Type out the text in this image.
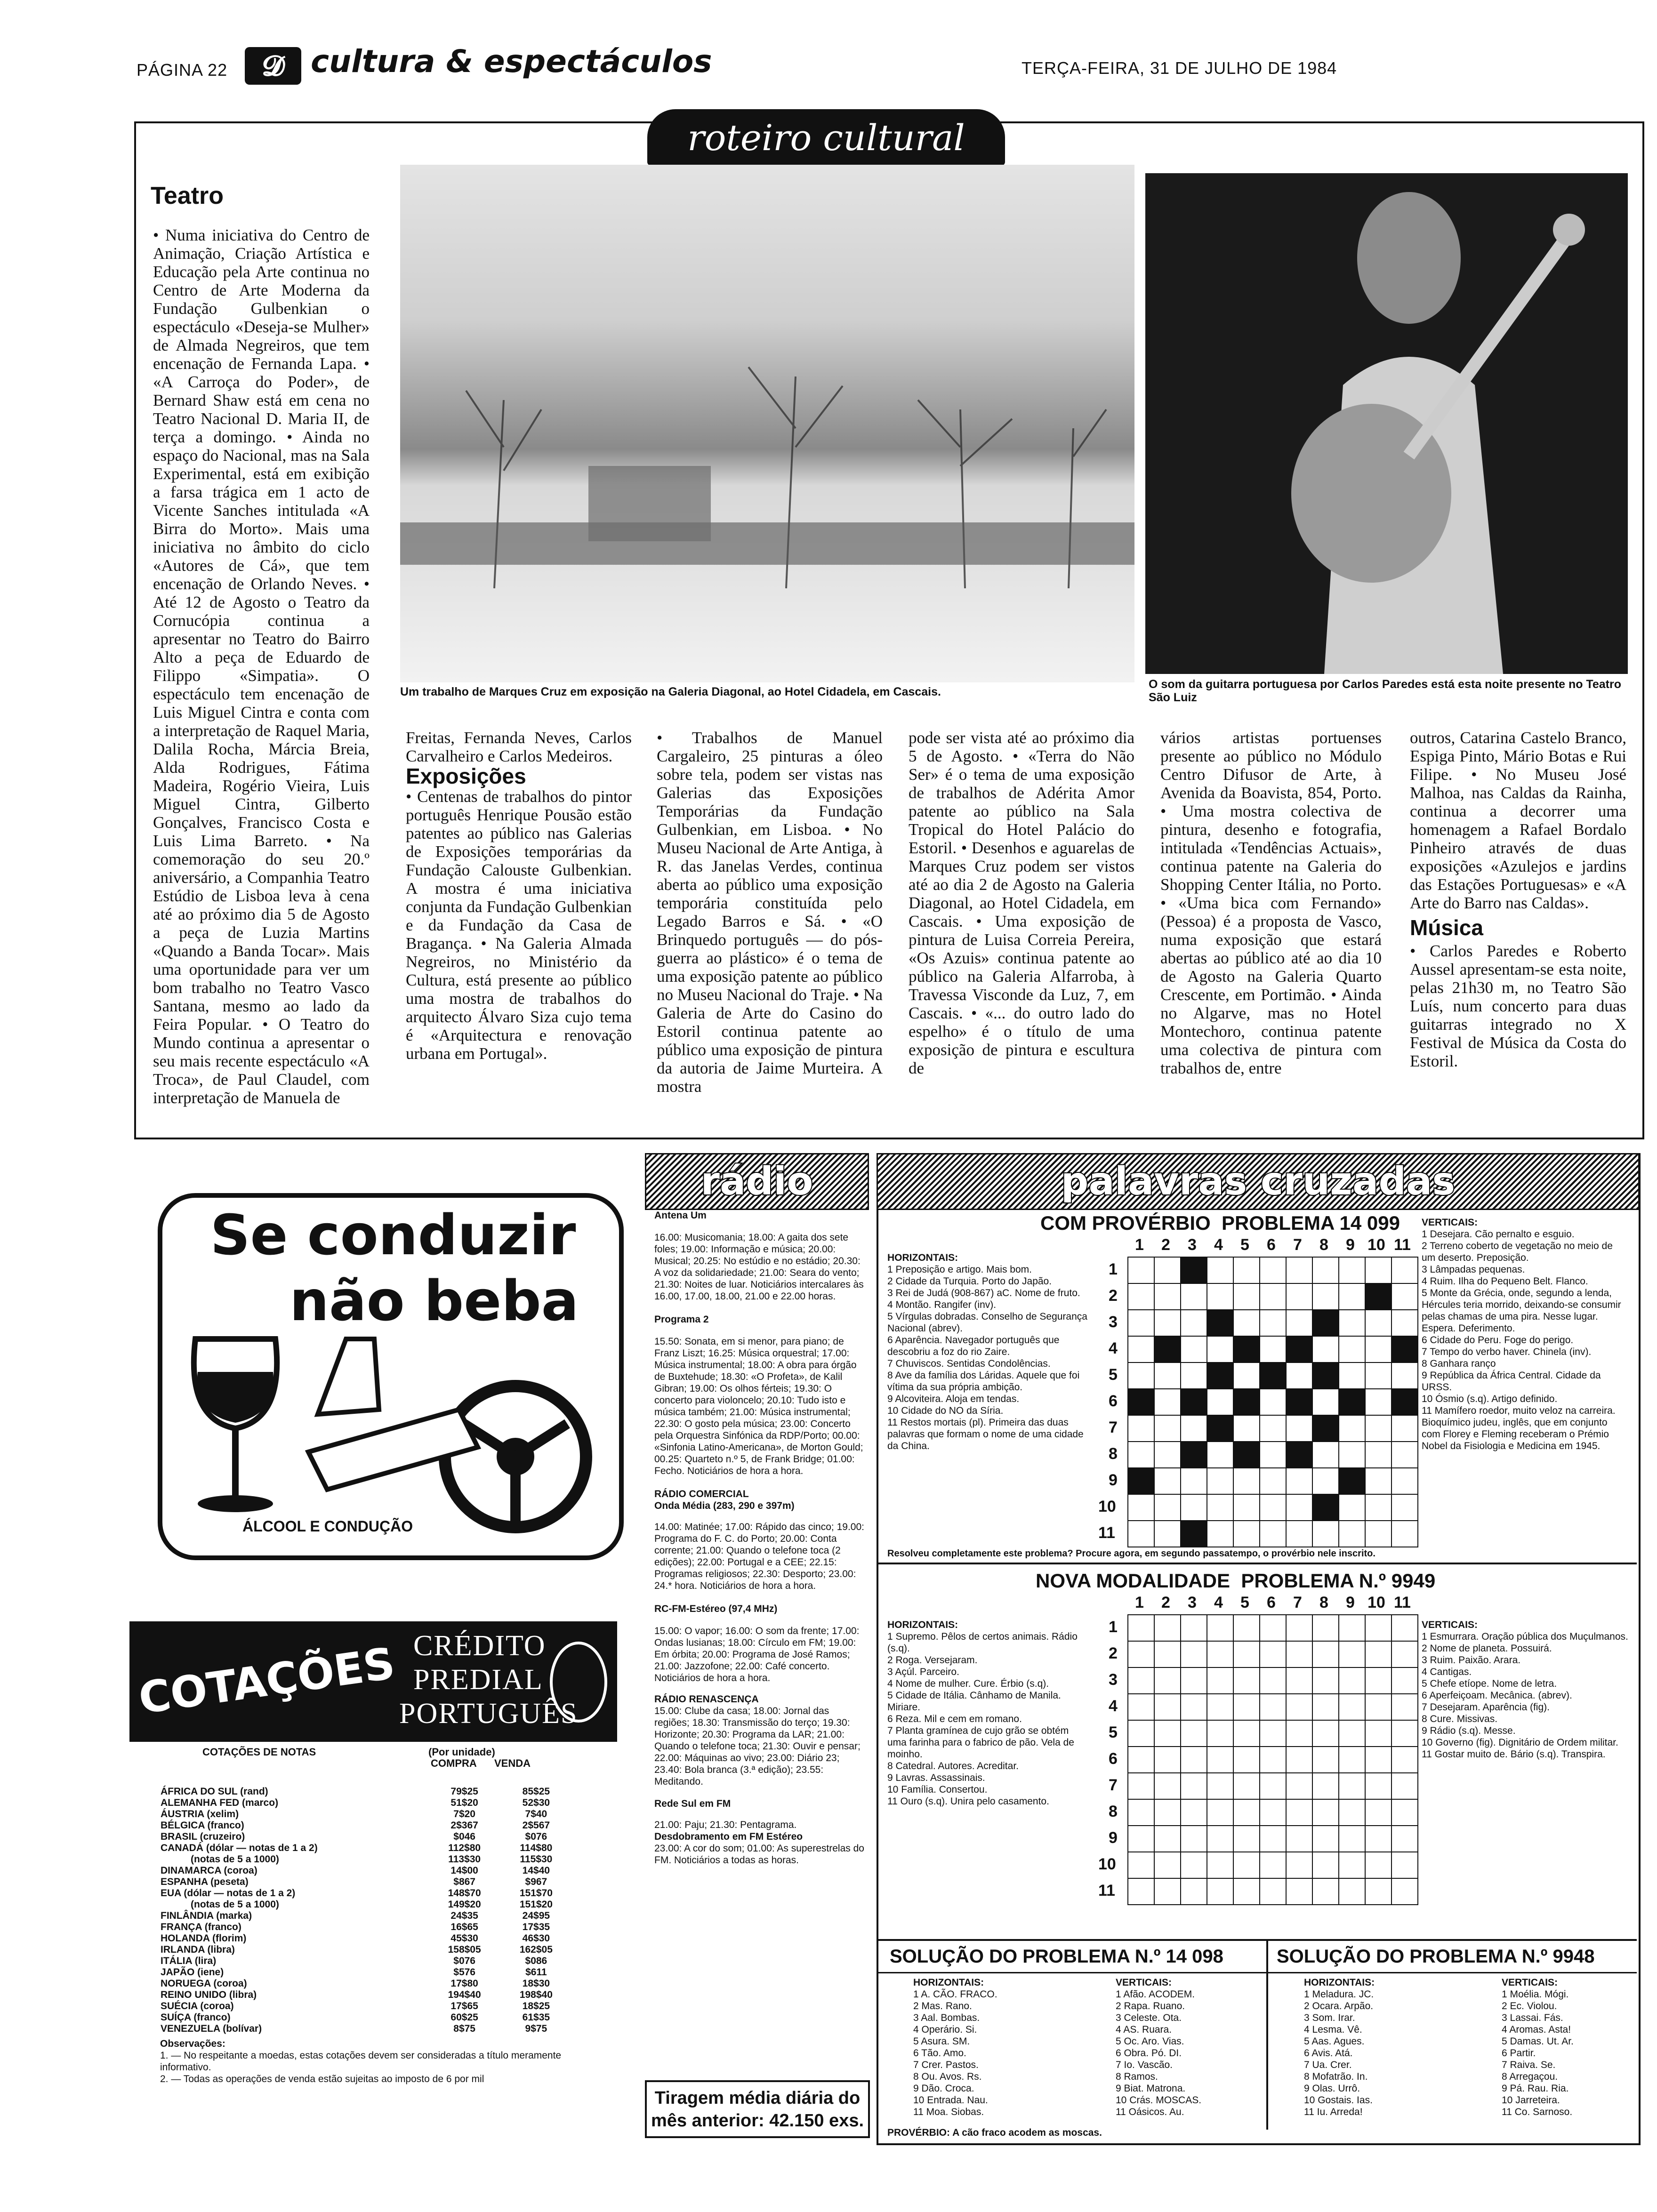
PÁGINA 22	𝓓 cultura & espectáculos	TERÇA-FEIRA, 31 DE JULHO DE 1984
roteiro cultural
Teatro

• Numa iniciativa do Centro de Animação, Criação Artística e Educação pela Arte continua no Centro de Arte Moderna da Fundação Gulbenkian o espectáculo «Deseja-se Mulher» de Almada Negreiros, que tem encenação de Fernanda Lapa. • «A Carroça do Poder», de Bernard Shaw está em cena no Teatro Nacional D. Maria II, de terça a domingo. • Ainda no espaço do Nacional, mas na Sala Experimental, está em exibição a farsa trágica em 1 acto de Vicente Sanches intitulada «A Birra do Morto». Mais uma iniciativa no âmbito do ciclo «Autores de Cá», que tem encenação de Orlando Neves. • Até 12 de Agosto o Teatro da Cornucópia continua a apresentar no Teatro do Bairro Alto a peça de Eduardo de Filippo «Simpatia». O espectáculo tem encenação de Luis Miguel Cintra e conta com a interpretação de Raquel Maria, Dalila Rocha, Márcia Breia, Alda Rodrigues, Fátima Madeira, Rogério Vieira, Luis Miguel Cintra, Gilberto Gonçalves, Francisco Costa e Luis Lima Barreto. • Na comemoração do seu 20.º aniversário, a Companhia Teatro Estúdio de Lisboa leva à cena até ao próximo dia 5 de Agosto a peça de Luzia Martins «Quando a Banda Tocar». Mais uma oportunidade para ver um bom trabalho no Teatro Vasco Santana, mesmo ao lado da Feira Popular. • O Teatro do Mundo continua a apresentar o seu mais recente espectáculo «A Troca», de Paul Claudel, com interpretação de Manuela de

Um trabalho de Marques Cruz em exposição na Galeria Diagonal, ao Hotel Cidadela, em Cascais.
O som da guitarra portuguesa por Carlos Paredes está esta noite presente no Teatro São Luiz

Freitas, Fernanda Neves, Carlos Carvalheiro e Carlos Medeiros.

Exposições

• Centenas de trabalhos do pintor português Henrique Pousão estão patentes ao público nas Galerias de Exposições temporárias da Fundação Calouste Gulbenkian. A mostra é uma iniciativa conjunta da Fundação Gulbenkian e da Fundação da Casa de Bragança. • Na Galeria Almada Negreiros, no Ministério da Cultura, está presente ao público uma mostra de trabalhos do arquitecto Álvaro Siza cujo tema é «Arquitectura e renovação urbana em Portugal».

• Trabalhos de Manuel Cargaleiro, 25 pinturas a óleo sobre tela, podem ser vistas nas Galerias das Exposições Temporárias da Fundação Gulbenkian, em Lisboa. • No Museu Nacional de Arte Antiga, à R. das Janelas Verdes, continua aberta ao público uma exposição temporária constituída pelo Legado Barros e Sá. • «O Brinquedo português — do pós-guerra ao plástico» é o tema de uma exposição patente ao público no Museu Nacional do Traje. • Na Galeria de Arte do Casino do Estoril continua patente ao público uma exposição de pintura da autoria de Jaime Murteira. A mostra

pode ser vista até ao próximo dia 5 de Agosto. • «Terra do Não Ser» é o tema de uma exposição de trabalhos de Adérita Amor patente ao público na Sala Tropical do Hotel Palácio do Estoril. • Desenhos e aguarelas de Marques Cruz podem ser vistos até ao dia 2 de Agosto na Galeria Diagonal, ao Hotel Cidadela, em Cascais. • Uma exposição de pintura de Luisa Correia Pereira, «Os Azuis» continua patente ao público na Galeria Alfarroba, à Travessa Visconde da Luz, 7, em Cascais. • «... do outro lado do espelho» é o título de uma exposição de pintura e escultura de

vários artistas portuenses presente ao público no Módulo Centro Difusor de Arte, à Avenida da Boavista, 854, Porto. • Uma mostra colectiva de pintura, desenho e fotografia, intitulada «Tendências Actuais», continua patente na Galeria do Shopping Center Itália, no Porto. • «Uma bica com Fernando» (Pessoa) é a proposta de Vasco, numa exposição que estará abertas ao público até ao dia 10 de Agosto na Galeria Quarto Crescente, em Portimão. • Ainda no Algarve, mas no Hotel Montechoro, continua patente uma colectiva de pintura com trabalhos de, entre

outros, Catarina Castelo Branco, Espiga Pinto, Mário Botas e Rui Filipe. • No Museu José Malhoa, nas Caldas da Rainha, continua a decorrer uma homenagem a Rafael Bordalo Pinheiro através de duas exposições «Azulejos e jardins das Estações Portuguesas» e «A Arte do Barro nas Caldas».

Música

• Carlos Paredes e Roberto Aussel apresentam-se esta noite, pelas 21h30 m, no Teatro São Luís, num concerto para duas guitarras integrado no X Festival de Música da Costa do Estoril.

Se conduzir
não beba
ÁLCOOL E CONDUÇÃO
COTAÇÕES CRÉDITO
PREDIAL
PORTUGUÊS
COTAÇÕES DE NOTAS	(Por unidade)
COMPRA VENDA
ÁFRICA DO SUL (rand)	79$25	85$25
ALEMANHA FED (marco)	51$20	52$30
ÁUSTRIA (xelim)	7$20	7$40
BÉLGICA (franco)	2$367	2$567
BRASIL (cruzeiro)	$046	$076
CANADÁ (dólar — notas de 1 a 2)	112$80	114$80
(notas de 5 a 1000)	113$30	115$30
DINAMARCA (coroa)	14$00	14$40
ESPANHA (peseta)	$867	$967
EUA (dólar — notas de 1 a 2)	148$70	151$70
(notas de 5 a 1000)	149$20	151$20
FINLÂNDIA (marka)	24$35	24$95
FRANÇA (franco)	16$65	17$35
HOLANDA (florim)	45$30	46$30
IRLANDA (libra)	158$05	162$05
ITÁLIA (lira)	$076	$086
JAPÃO (iene)	$576	$611
NORUEGA (coroa)	17$80	18$30
REINO UNIDO (libra)	194$40	198$40
SUÉCIA (coroa)	17$65	18$25
SUÍÇA (franco)	60$25	61$35
VENEZUELA (bolívar)	8$75	9$75
Observações:
1. — No respeitante a moedas, estas cotações devem ser consideradas a título meramente informativo.
2. — Todas as operações de venda estão sujeitas ao imposto de 6 por mil
rádio

Antena Um

16.00: Musicomania; 18.00: A gaita dos sete foles; 19.00: Informação e música; 20.00: Musical; 20.25: No estúdio e no estádio; 20.30: A voz da solidariedade; 21.00: Seara do vento; 21.30: Noites de luar. Noticiários intercalares às 16.00, 17.00, 18.00, 21.00 e 22.00 horas.

Programa 2

15.50: Sonata, em si menor, para piano; de Franz Liszt; 16.25: Música orquestral; 17.00: Música instrumental; 18.00: A obra para órgão de Buxtehude; 18.30: «O Profeta», de Kalil Gibran; 19.00: Os olhos férteis; 19.30: O concerto para violoncelo; 20.10: Tudo isto e música também; 21.00: Música instrumental; 22.30: O gosto pela música; 23.00: Concerto pela Orquestra Sinfónica da RDP/Porto; 00.00: «Sinfonia Latino-Americana», de Morton Gould; 00.25: Quarteto n.º 5, de Frank Bridge; 01.00: Fecho. Noticiários de hora a hora.

RÁDIO COMERCIAL

Onda Média (283, 290 e 397m)

14.00: Matinée; 17.00: Rápido das cinco; 19.00: Programa do F. C. do Porto; 20.00: Conta corrente; 21.00: Quando o telefone toca (2 edições); 22.00: Portugal e a CEE; 22.15: Programas religiosos; 22.30: Desporto; 23.00: 24.* hora. Noticiários de hora a hora.

RC-FM-Estéreo (97,4 MHz)

15.00: O vapor; 16.00: O som da frente; 17.00: Ondas lusianas; 18.00: Círculo em FM; 19.00: Em órbita; 20.00: Programa de José Ramos; 21.00: Jazzofone; 22.00: Café concerto. Noticiários de hora a hora.

RÁDIO RENASCENÇA

15.00: Clube da casa; 18.00: Jornal das regiões; 18.30: Transmissão do terço; 19.30: Horizonte; 20.30: Programa da LAR; 21.00: Quando o telefone toca; 21.30: Ouvir e pensar; 22.00: Máquinas ao vivo; 23.00: Diário 23; 23.40: Bola branca (3.ª edição); 23.55: Meditando.

Rede Sul em FM

21.00: Paju; 21.30: Pentagrama.

Desdobramento em FM Estéreo

23.00: A cor do som; 01.00: As superestrelas do FM. Noticiários a todas as horas.

Tiragem média diária do
mês anterior: 42.150 exs.
palavras cruzadas
COM PROVÉRBIO  PROBLEMA 14 099

HORIZONTAIS:

1 Preposição e artigo. Mais bom.

2 Cidade da Turquia. Porto do Japão.

3 Rei de Judá (908-867) aC. Nome de fruto.

4 Montão. Rangifer (inv).

5 Vírgulas dobradas. Conselho de Segurança Nacional (abrev).

6 Aparência. Navegador português que descobriu a foz do rio Zaire.

7 Chuviscos. Sentidas Condolências.

8 Ave da família dos Láridas. Aquele que foi vítima da sua própria ambição.

9 Alcoviteira. Aloja em tendas.

10 Cidade do NO da Síria.

11 Restos mortais (pl). Primeira das duas palavras que formam o nome de uma cidade da China.

1 2 3 4 5 6 7 8 9 10 11
1
2
3
4
5
6
7
8
9
10
11

VERTICAIS:

1 Desejara. Cão pernalto e esguio.

2 Terreno coberto de vegetação no meio de um deserto. Preposição.

3 Lâmpadas pequenas.

4 Ruim. Ilha do Pequeno Belt. Flanco.

5 Monte da Grécia, onde, segundo a lenda, Hércules teria morrido, deixando-se consumir pelas chamas de uma pira. Nesse lugar. Espera. Deferimento.

6 Cidade do Peru. Foge do perigo.

7 Tempo do verbo haver. Chinela (inv).

8 Ganhara ranço

9 República da África Central. Cidade da URSS.

10 Ósmio (s.q). Artigo definido.

11 Mamífero roedor, muito veloz na carreira. Bioquímico judeu, inglês, que em conjunto com Florey e Fleming receberam o Prémio Nobel da Fisiologia e Medicina em 1945.

Resolveu completamente este problema? Procure agora, em segundo passatempo, o provérbio nele inscrito.
NOVA MODALIDADE  PROBLEMA N.º 9949

HORIZONTAIS:

1 Supremo. Pêlos de certos animais. Rádio (s.q).

2 Roga. Versejaram.

3 Açúl. Parceiro.

4 Nome de mulher. Cure. Érbio (s.q).

5 Cidade de Itália. Cânhamo de Manila. Miriare.

6 Reza. Mil e cem em romano.

7 Planta gramínea de cujo grão se obtém uma farinha para o fabrico de pão. Vela de moinho.

8 Catedral. Autores. Acreditar.

9 Lavras. Assassinais.

10 Família. Consertou.

11 Ouro (s.q). Unira pelo casamento.

1 2 3 4 5 6 7 8 9 10 11
1
2
3
4
5
6
7
8
9
10
11

VERTICAIS:

1 Esmurrara. Oração pública dos Muçulmanos.

2 Nome de planeta. Possuirá.

3 Ruim. Paixão. Arara.

4 Cantigas.

5 Chefe etíope. Nome de letra.

6 Aperfeiçoam. Mecânica. (abrev).

7 Desejaram. Aparência (fig).

8 Cure. Missivas.

9 Rádio (s.q). Messe.

10 Governo (fig). Dignitário de Ordem militar.

11 Gostar muito de. Bário (s.q). Transpira.

SOLUÇÃO DO PROBLEMA N.º 14 098	SOLUÇÃO DO PROBLEMA N.º 9948

HORIZONTAIS:

1 A. CÃO. FRACO.

2 Mas. Rano.

3 Aal. Bombas.

4 Operário. Si.

5 Asura. SM.

6 Tão. Amo.

7 Crer. Pastos.

8 Ou. Avos. Rs.

9 Dão. Croca.

10 Entrada. Nau.

11 Moa. Siobas.

VERTICAIS:

1 Afão. ACODEM.

2 Rapa. Ruano.

3 Celeste. Ota.

4 AS. Ruara.

5 Oc. Aro. Vias.

6 Obra. Pó. DI.

7 Io. Vascão.

8 Ramos.

9 Biat. Matrona.

10 Crás. MOSCAS.

11 Oásicos. Au.

HORIZONTAIS:

1 Meladura. JC.

2 Ocara. Arpão.

3 Som. Irar.

4 Lesma. Vê.

5 Aas. Agues.

6 Avis. Atá.

7 Ua. Crer.

8 Mofatrão. In.

9 Olas. Urrô.

10 Gostais. Ias.

11 Iu. Arreda!

VERTICAIS:

1 Moélia. Mógi.

2 Ec. Violou.

3 Lassai. Fás.

4 Aromas. Asta!

5 Damas. Ut. Ar.

6 Partir.

7 Raiva. Se.

8 Arregaçou.

9 Pá. Rau. Ria.

10 Jarreteira.

11 Co. Sarnoso.

PROVÉRBIO: A cão fraco acodem as moscas.
